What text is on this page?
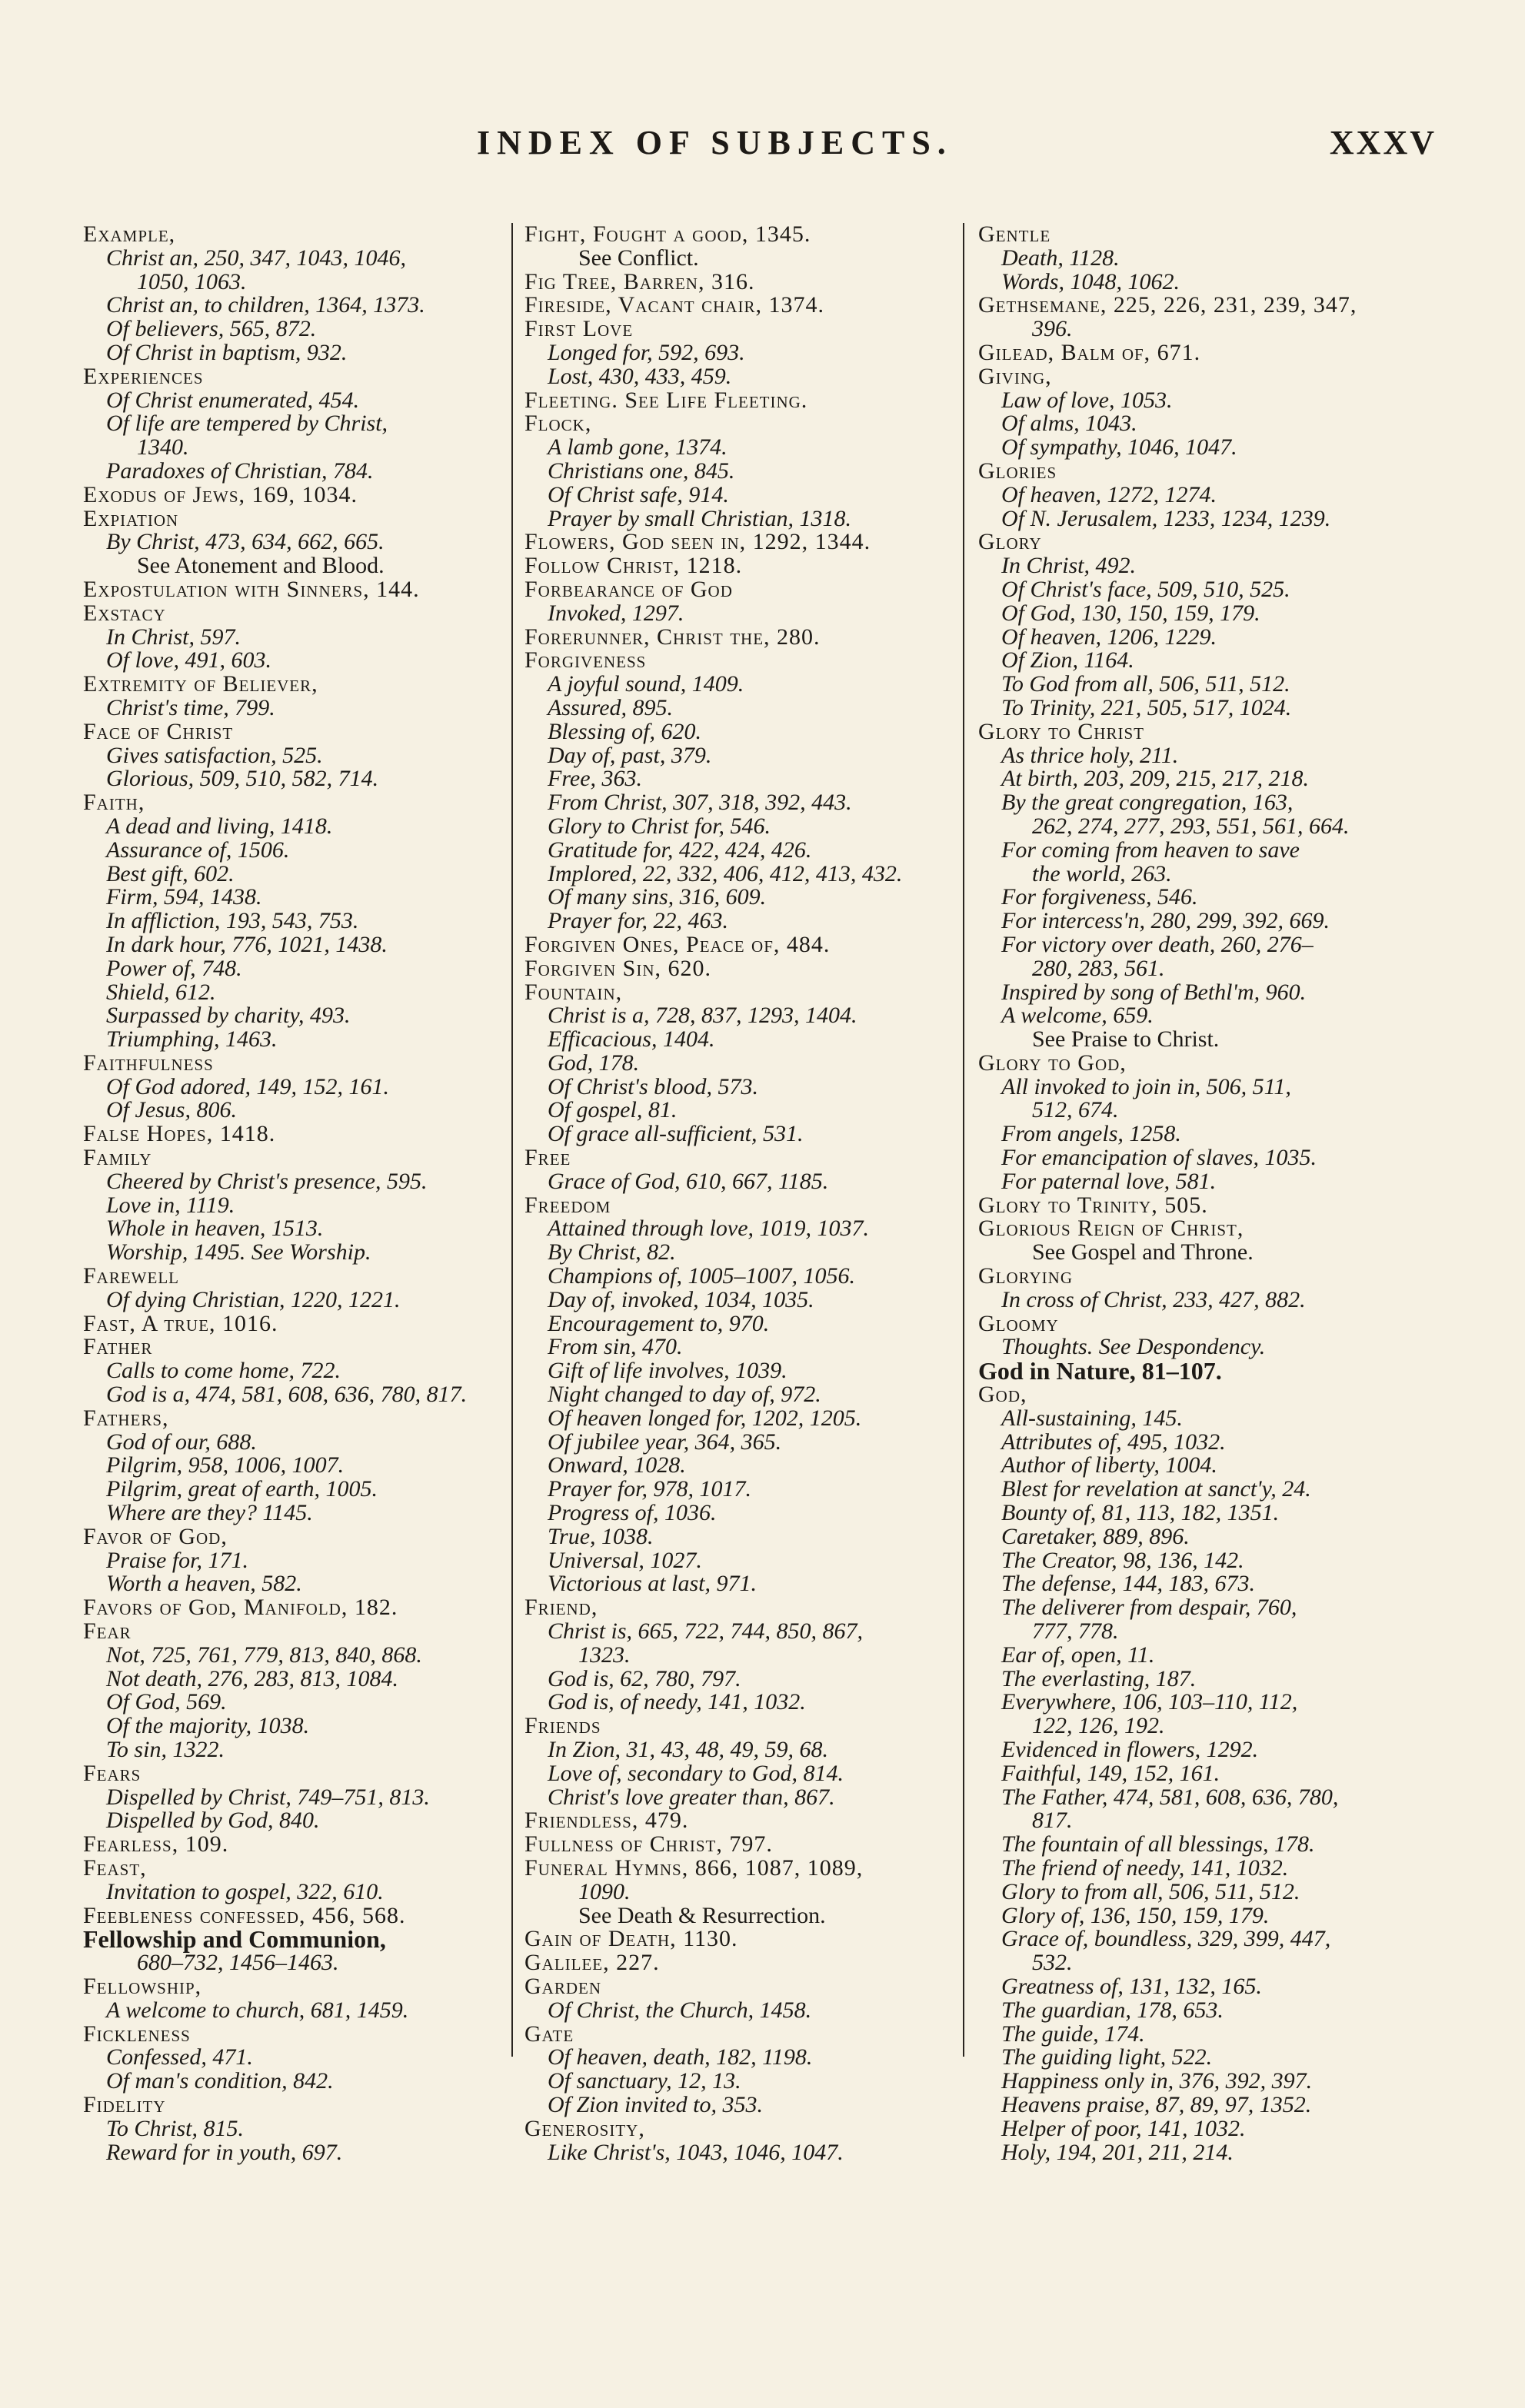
INDEX OF SUBJECTS.	XXXV
Example,
Christ an, 250, 347, 1043, 1046,
1050, 1063.
Christ an, to children, 1364, 1373.
Of believers, 565, 872.
Of Christ in baptism, 932.
Experiences
Of Christ enumerated, 454.
Of life are tempered by Christ,
1340.
Paradoxes of Christian, 784.
Exodus of Jews, 169, 1034.
Expiation
By Christ, 473, 634, 662, 665.
See Atonement and Blood.
Expostulation with Sinners, 144.
Exstacy
In Christ, 597.
Of love, 491, 603.
Extremity of Believer,
Christ's time, 799.
Face of Christ
Gives satisfaction, 525.
Glorious, 509, 510, 582, 714.
Faith,
A dead and living, 1418.
Assurance of, 1506.
Best gift, 602.
Firm, 594, 1438.
In affliction, 193, 543, 753.
In dark hour, 776, 1021, 1438.
Power of, 748.
Shield, 612.
Surpassed by charity, 493.
Triumphing, 1463.
Faithfulness
Of God adored, 149, 152, 161.
Of Jesus, 806.
False Hopes, 1418.
Family
Cheered by Christ's presence, 595.
Love in, 1119.
Whole in heaven, 1513.
Worship, 1495. See Worship.
Farewell
Of dying Christian, 1220, 1221.
Fast, A true, 1016.
Father
Calls to come home, 722.
God is a, 474, 581, 608, 636, 780, 817.
Fathers,
God of our, 688.
Pilgrim, 958, 1006, 1007.
Pilgrim, great of earth, 1005.
Where are they? 1145.
Favor of God,
Praise for, 171.
Worth a heaven, 582.
Favors of God, Manifold, 182.
Fear
Not, 725, 761, 779, 813, 840, 868.
Not death, 276, 283, 813, 1084.
Of God, 569.
Of the majority, 1038.
To sin, 1322.
Fears
Dispelled by Christ, 749–751, 813.
Dispelled by God, 840.
Fearless, 109.
Feast,
Invitation to gospel, 322, 610.
Feebleness confessed, 456, 568.
Fellowship and Communion,
680–732, 1456–1463.
Fellowship,
A welcome to church, 681, 1459.
Fickleness
Confessed, 471.
Of man's condition, 842.
Fidelity
To Christ, 815.
Reward for in youth, 697.
Fight, Fought a good, 1345.
See Conflict.
Fig Tree, Barren, 316.
Fireside, Vacant chair, 1374.
First Love
Longed for, 592, 693.
Lost, 430, 433, 459.
Fleeting. See Life Fleeting.
Flock,
A lamb gone, 1374.
Christians one, 845.
Of Christ safe, 914.
Prayer by small Christian, 1318.
Flowers, God seen in, 1292, 1344.
Follow Christ, 1218.
Forbearance of God
Invoked, 1297.
Forerunner, Christ the, 280.
Forgiveness
A joyful sound, 1409.
Assured, 895.
Blessing of, 620.
Day of, past, 379.
Free, 363.
From Christ, 307, 318, 392, 443.
Glory to Christ for, 546.
Gratitude for, 422, 424, 426.
Implored, 22, 332, 406, 412, 413, 432.
Of many sins, 316, 609.
Prayer for, 22, 463.
Forgiven Ones, Peace of, 484.
Forgiven Sin, 620.
Fountain,
Christ is a, 728, 837, 1293, 1404.
Efficacious, 1404.
God, 178.
Of Christ's blood, 573.
Of gospel, 81.
Of grace all-sufficient, 531.
Free
Grace of God, 610, 667, 1185.
Freedom
Attained through love, 1019, 1037.
By Christ, 82.
Champions of, 1005–1007, 1056.
Day of, invoked, 1034, 1035.
Encouragement to, 970.
From sin, 470.
Gift of life involves, 1039.
Night changed to day of, 972.
Of heaven longed for, 1202, 1205.
Of jubilee year, 364, 365.
Onward, 1028.
Prayer for, 978, 1017.
Progress of, 1036.
True, 1038.
Universal, 1027.
Victorious at last, 971.
Friend,
Christ is, 665, 722, 744, 850, 867,
1323.
God is, 62, 780, 797.
God is, of needy, 141, 1032.
Friends
In Zion, 31, 43, 48, 49, 59, 68.
Love of, secondary to God, 814.
Christ's love greater than, 867.
Friendless, 479.
Fullness of Christ, 797.
Funeral Hymns, 866, 1087, 1089,
1090.
See Death & Resurrection.
Gain of Death, 1130.
Galilee, 227.
Garden
Of Christ, the Church, 1458.
Gate
Of heaven, death, 182, 1198.
Of sanctuary, 12, 13.
Of Zion invited to, 353.
Generosity,
Like Christ's, 1043, 1046, 1047.
Gentle
Death, 1128.
Words, 1048, 1062.
Gethsemane, 225, 226, 231, 239, 347,
396.
Gilead, Balm of, 671.
Giving,
Law of love, 1053.
Of alms, 1043.
Of sympathy, 1046, 1047.
Glories
Of heaven, 1272, 1274.
Of N. Jerusalem, 1233, 1234, 1239.
Glory
In Christ, 492.
Of Christ's face, 509, 510, 525.
Of God, 130, 150, 159, 179.
Of heaven, 1206, 1229.
Of Zion, 1164.
To God from all, 506, 511, 512.
To Trinity, 221, 505, 517, 1024.
Glory to Christ
As thrice holy, 211.
At birth, 203, 209, 215, 217, 218.
By the great congregation, 163,
262, 274, 277, 293, 551, 561, 664.
For coming from heaven to save
the world, 263.
For forgiveness, 546.
For intercess'n, 280, 299, 392, 669.
For victory over death, 260, 276–
280, 283, 561.
Inspired by song of Bethl'm, 960.
A welcome, 659.
See Praise to Christ.
Glory to God,
All invoked to join in, 506, 511,
512, 674.
From angels, 1258.
For emancipation of slaves, 1035.
For paternal love, 581.
Glory to Trinity, 505.
Glorious Reign of Christ,
See Gospel and Throne.
Glorying
In cross of Christ, 233, 427, 882.
Gloomy
Thoughts. See Despondency.
God in Nature, 81–107.
God,
All-sustaining, 145.
Attributes of, 495, 1032.
Author of liberty, 1004.
Blest for revelation at sanct'y, 24.
Bounty of, 81, 113, 182, 1351.
Caretaker, 889, 896.
The Creator, 98, 136, 142.
The defense, 144, 183, 673.
The deliverer from despair, 760,
777, 778.
Ear of, open, 11.
The everlasting, 187.
Everywhere, 106, 103–110, 112,
122, 126, 192.
Evidenced in flowers, 1292.
Faithful, 149, 152, 161.
The Father, 474, 581, 608, 636, 780,
817.
The fountain of all blessings, 178.
The friend of needy, 141, 1032.
Glory to from all, 506, 511, 512.
Glory of, 136, 150, 159, 179.
Grace of, boundless, 329, 399, 447,
532.
Greatness of, 131, 132, 165.
The guardian, 178, 653.
The guide, 174.
The guiding light, 522.
Happiness only in, 376, 392, 397.
Heavens praise, 87, 89, 97, 1352.
Helper of poor, 141, 1032.
Holy, 194, 201, 211, 214.
